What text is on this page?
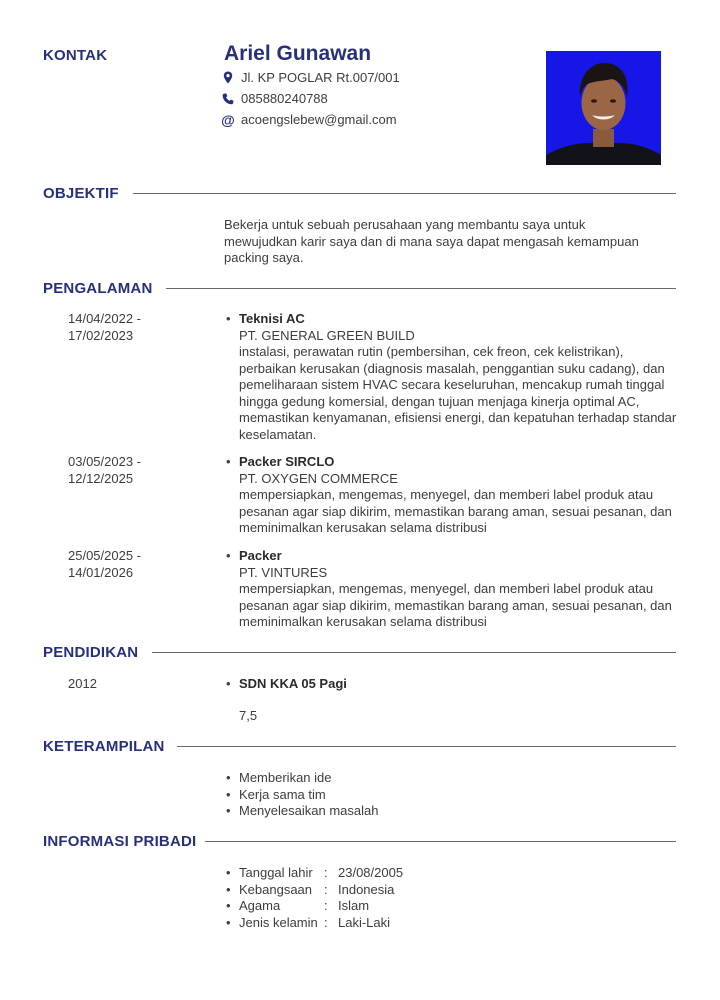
KONTAK	Ariel Gunawan
Jl. KP POGLAR Rt.007/001
085880240788
@ acoengslebew@gmail.com
OBJEKTIF
Bekerja untuk sebuah perusahaan yang membantu saya untuk mewujudkan karir saya dan di mana saya dapat mengasah kemampuan packing saya.
PENGALAMAN
14/04/2022 -
17/02/2023
• Teknisi AC
PT. GENERAL GREEN BUILD
instalasi, perawatan rutin (pembersihan, cek freon, cek kelistrikan), perbaikan kerusakan (diagnosis masalah, penggantian suku cadang), dan pemeliharaan sistem HVAC secara keseluruhan, mencakup rumah tinggal hingga gedung komersial, dengan tujuan menjaga kinerja optimal AC, memastikan kenyamanan, efisiensi energi, dan kepatuhan terhadap standar keselamatan.
03/05/2023 -
12/12/2025
• Packer SIRCLO
PT. OXYGEN COMMERCE
mempersiapkan, mengemas, menyegel, dan memberi label produk atau pesanan agar siap dikirim, memastikan barang aman, sesuai pesanan, dan meminimalkan kerusakan selama distribusi
25/05/2025 -
14/01/2026
• Packer
PT. VINTURES
mempersiapkan, mengemas, menyegel, dan memberi label produk atau pesanan agar siap dikirim, memastikan barang aman, sesuai pesanan, dan meminimalkan kerusakan selama distribusi
PENDIDIKAN
2012	• SDN KKA 05 Pagi
7,5
KETERAMPILAN
• Memberikan ide
• Kerja sama tim
• Menyelesaikan masalah
INFORMASI PRIBADI
• Tanggal lahir : 23/08/2005
• Kebangsaan : Indonesia
• Agama	: Islam
• Jenis kelamin : Laki-Laki
